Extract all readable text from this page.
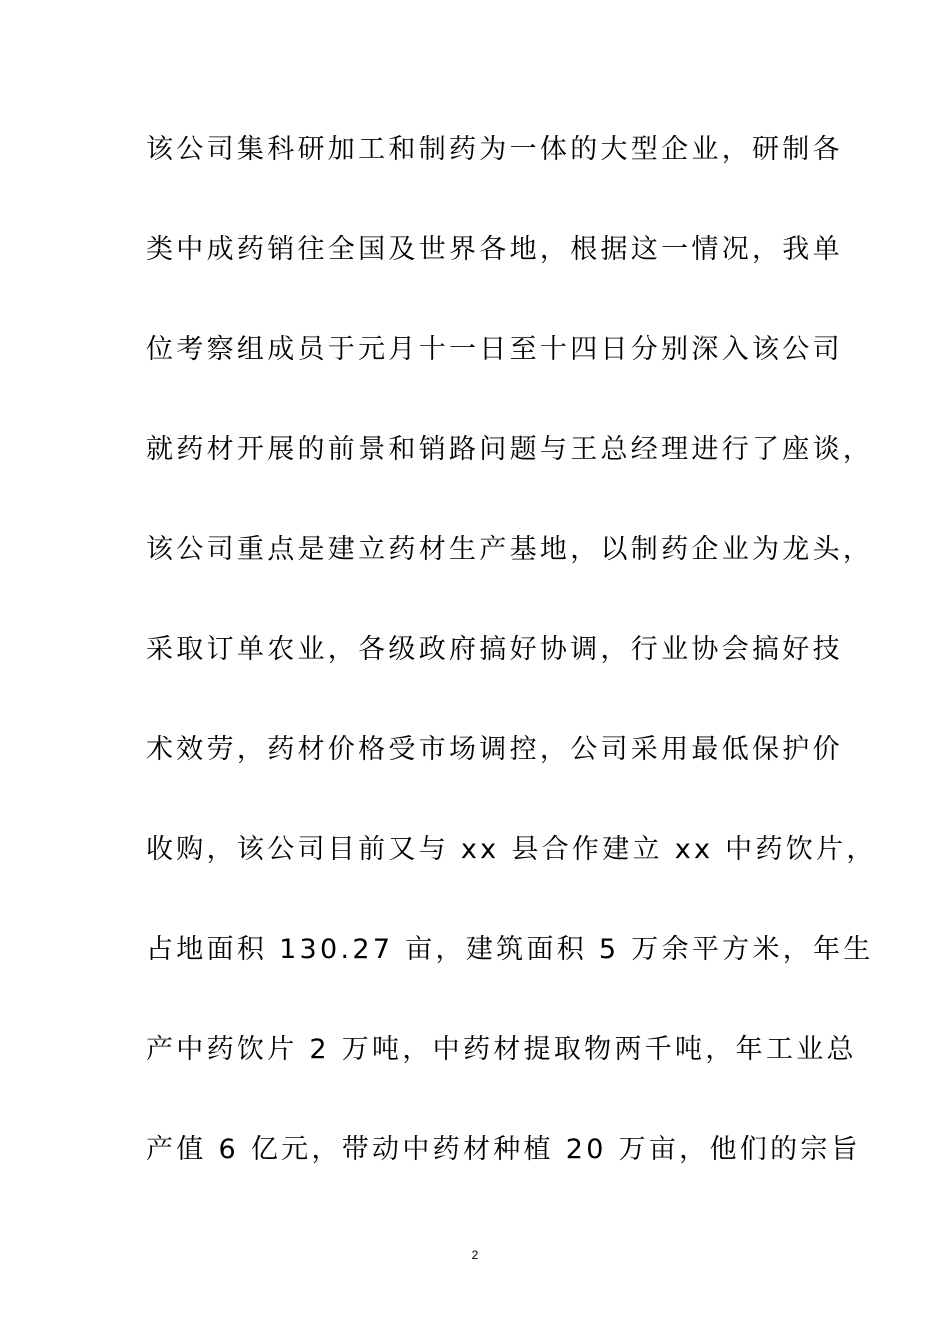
该公司集科研加工和制药为一体的大型企业，研制各
类中成药销往全国及世界各地，根据这一情况，我单
位考察组成员于元月十一日至十四日分别深入该公司
就药材开展的前景和销路问题与王总经理进行了座谈，
该公司重点是建立药材生产基地，以制药企业为龙头，
采取订单农业，各级政府搞好协调，行业协会搞好技
术效劳，药材价格受市场调控，公司采用最低保护价
收购，该公司目前又与 xx 县合作建立 xx 中药饮片，
占地面积 130.27 亩，建筑面积 5 万余平方米，年生
产中药饮片 2 万吨，中药材提取物两千吨，年工业总
产值 6 亿元，带动中药材种植 20 万亩，他们的宗旨
2
